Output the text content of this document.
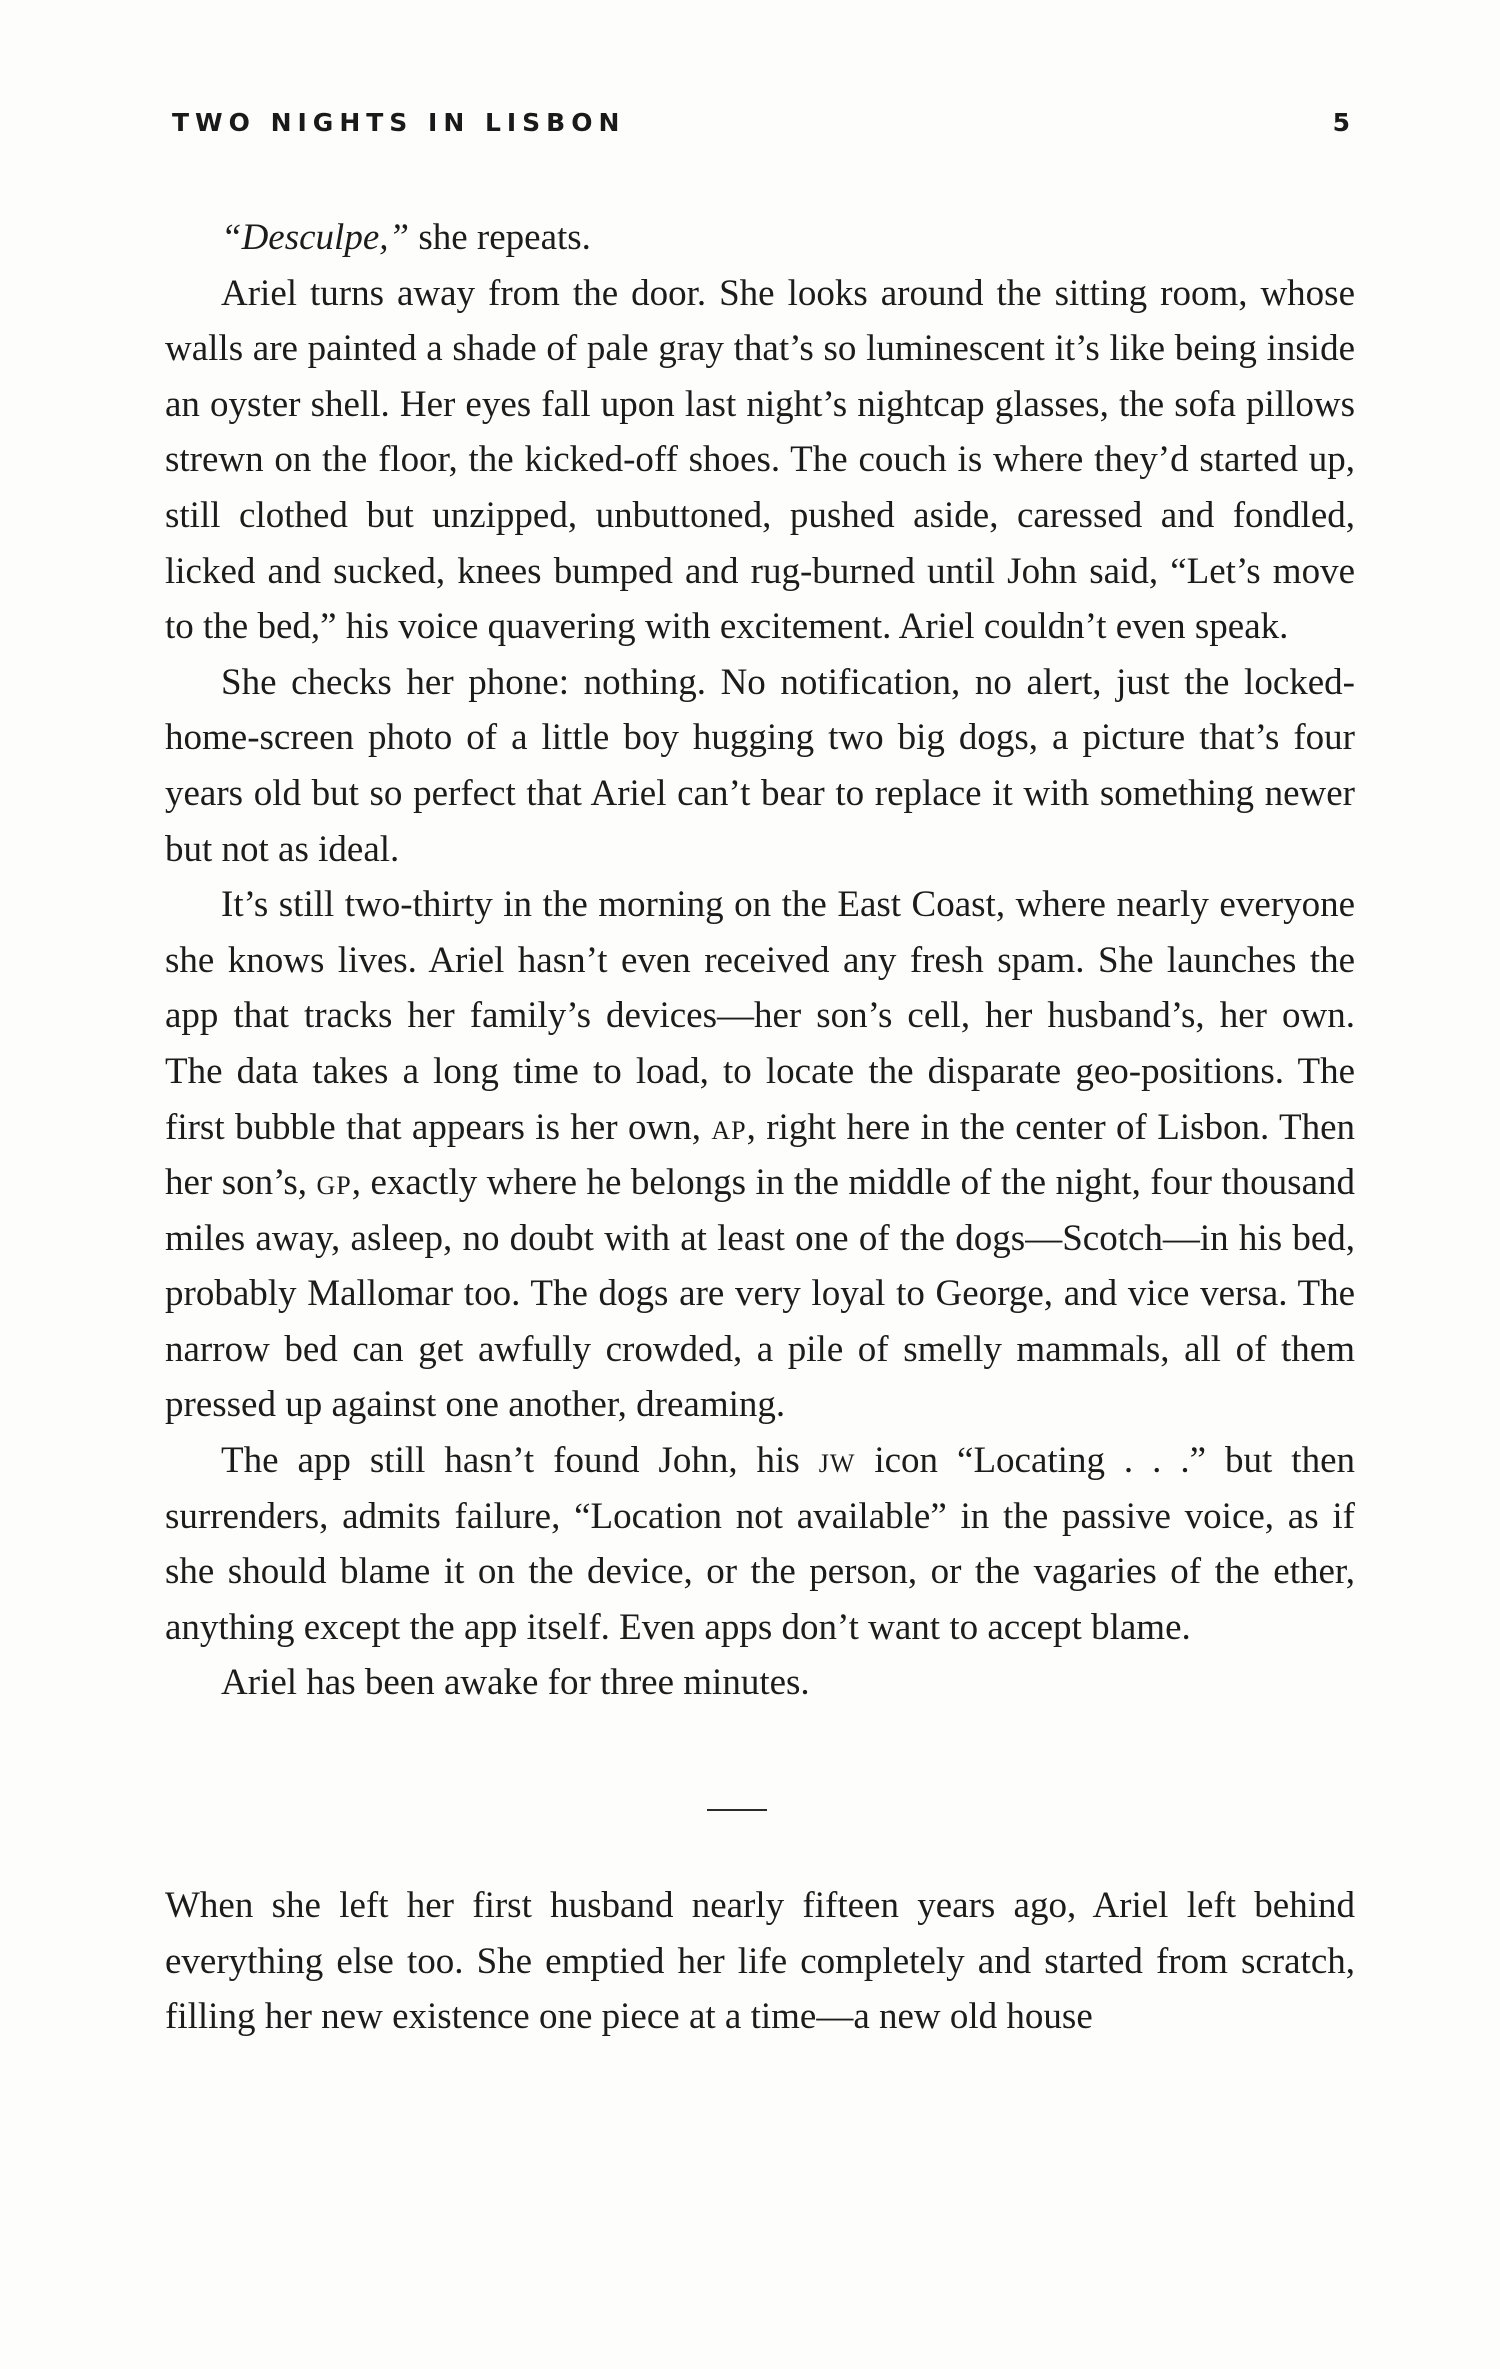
TWO NIGHTS IN LISBON	5

“Desculpe,” she repeats.

Ariel turns away from the door. She looks around the sitting room, whose walls are painted a shade of pale gray that’s so luminescent it’s like being inside an oyster shell. Her eyes fall upon last night’s nightcap glasses, the sofa pillows strewn on the floor, the kicked-off shoes. The couch is where they’d started up, still clothed but unzipped, unbuttoned, pushed aside, caressed and fondled, licked and sucked, knees bumped and rug-burned until John said, “Let’s move to the bed,” his voice quavering with excitement. Ariel couldn’t even speak.

She checks her phone: nothing. No notification, no alert, just the locked-home-screen photo of a little boy hugging two big dogs, a picture that’s four years old but so perfect that Ariel can’t bear to replace it with something newer but not as ideal.

It’s still two-thirty in the morning on the East Coast, where nearly everyone she knows lives. Ariel hasn’t even received any fresh spam. She launches the app that tracks her family’s devices—her son’s cell, her husband’s, her own. The data takes a long time to load, to locate the disparate geo-positions. The first bubble that appears is her own, ap, right here in the center of Lisbon. Then her son’s, gp, exactly where he belongs in the middle of the night, four thousand miles away, asleep, no doubt with at least one of the dogs—Scotch—in his bed, probably Mallomar too. The dogs are very loyal to George, and vice versa. The narrow bed can get awfully crowded, a pile of smelly mammals, all of them pressed up against one another, dreaming.

The app still hasn’t found John, his jw icon “Locating . . .” but then surrenders, admits failure, “Location not available” in the passive voice, as if she should blame it on the device, or the person, or the vagaries of the ether, anything except the app itself. Even apps don’t want to accept blame.

Ariel has been awake for three minutes.

When she left her first husband nearly fifteen years ago, Ariel left behind everything else too. She emptied her life completely and started from scratch, filling her new existence one piece at a time—a new old house
